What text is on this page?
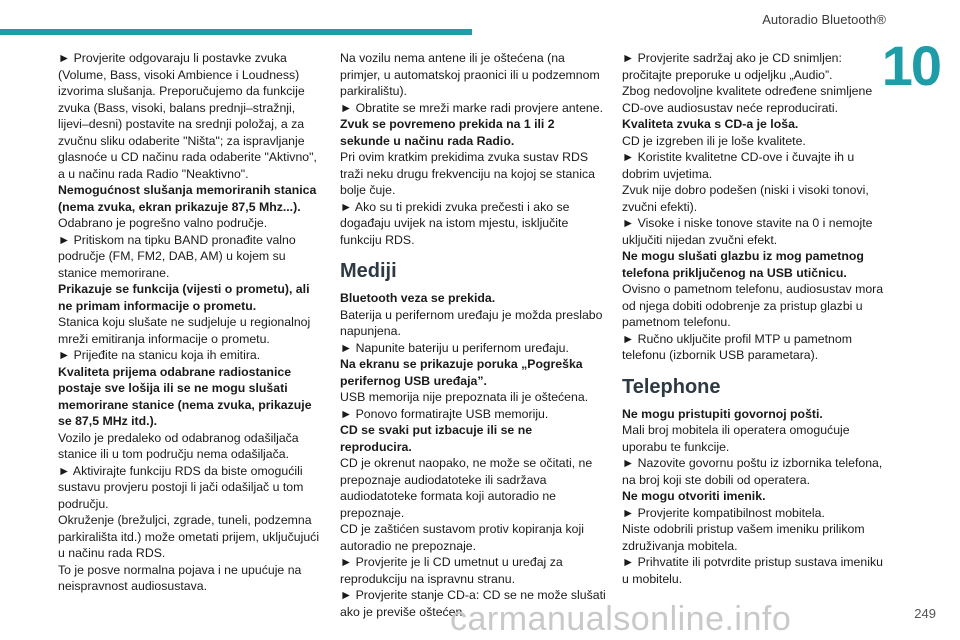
Autoradio Bluetooth®
10

► Provjerite odgovaraju li postavke zvuka (Volume, Bass, visoki Ambience i Loudness) izvorima slušanja. Preporučujemo da funkcije zvuka (Bass, visoki, balans prednji–stražnji, lijevi–desni) postavite na srednji položaj, a za zvučnu sliku odaberite "Ništa"; za ispravljanje glasnoće u CD načinu rada odaberite "Aktivno", a u načinu rada Radio "Neaktivno".

Nemogućnost slušanja memoriranih stanica (nema zvuka, ekran prikazuje 87,5 Mhz...).

Odabrano je pogrešno valno područje.

► Pritiskom na tipku BAND pronađite valno područje (FM, FM2, DAB, AM) u kojem su stanice memorirane.

Prikazuje se funkcija (vijesti o prometu), ali ne primam informacije o prometu.

Stanica koju slušate ne sudjeluje u regionalnoj mreži emitiranja informacije o prometu.

► Prijeđite na stanicu koja ih emitira.

Kvaliteta prijema odabrane radiostanice postaje sve lošija ili se ne mogu slušati memorirane stanice (nema zvuka, prikazuje se 87,5 MHz itd.).

Vozilo je predaleko od odabranog odašiljača stanice ili u tom području nema odašiljača.

► Aktivirajte funkciju RDS da biste omogućili sustavu provjeru postoji li jači odašiljač u tom području.

Okruženje (brežuljci, zgrade, tuneli, podzemna parkirališta itd.) može ometati prijem, uključujući u načinu rada RDS.

To je posve normalna pojava i ne upućuje na neispravnost audiosustava.

Na vozilu nema antene ili je oštećena (na primjer, u automatskoj praonici ili u podzemnom parkiralištu).

► Obratite se mreži marke radi provjere antene.

Zvuk se povremeno prekida na 1 ili 2 sekunde u načinu rada Radio.

Pri ovim kratkim prekidima zvuka sustav RDS traži neku drugu frekvenciju na kojoj se stanica bolje čuje.

► Ako su ti prekidi zvuka prečesti i ako se događaju uvijek na istom mjestu, isključite funkciju RDS.

Mediji

Bluetooth veza se prekida.

Baterija u perifernom uređaju je možda preslabo napunjena.

► Napunite bateriju u perifernom uređaju.

Na ekranu se prikazuje poruka „Pogreška perifernog USB uređaja”.

USB memorija nije prepoznata ili je oštećena.

► Ponovo formatirajte USB memoriju.

CD se svaki put izbacuje ili se ne reproducira.

CD je okrenut naopako, ne može se očitati, ne prepoznaje audiodatoteke ili sadržava audiodatoteke formata koji autoradio ne prepoznaje.

CD je zaštićen sustavom protiv kopiranja koji autoradio ne prepoznaje.

► Provjerite je li CD umetnut u uređaj za reprodukciju na ispravnu stranu.

► Provjerite stanje CD-a: CD se ne može slušati ako je previše oštećen.

► Provjerite sadržaj ako je CD snimljen: pročitajte preporuke u odjeljku „Audio”.

Zbog nedovoljne kvalitete određene snimljene CD-ove audiosustav neće reproducirati.

Kvaliteta zvuka s CD-a je loša.

CD je izgreben ili je loše kvalitete.

► Koristite kvalitetne CD-ove i čuvajte ih u dobrim uvjetima.

Zvuk nije dobro podešen (niski i visoki tonovi, zvučni efekti).

► Visoke i niske tonove stavite na 0 i nemojte uključiti nijedan zvučni efekt.

Ne mogu slušati glazbu iz mog pametnog telefona priključenog na USB utičnicu.

Ovisno o pametnom telefonu, audiosustav mora od njega dobiti odobrenje za pristup glazbi u pametnom telefonu.

► Ručno uključite profil MTP u pametnom telefonu (izbornik USB parametara).

Telephone

Ne mogu pristupiti govornoj pošti.

Mali broj mobitela ili operatera omogućuje uporabu te funkcije.

► Nazovite govornu poštu iz izbornika telefona, na broj koji ste dobili od operatera.

Ne mogu otvoriti imenik.

► Provjerite kompatibilnost mobitela.

Niste odobrili pristup vašem imeniku prilikom združivanja mobitela.

► Prihvatite ili potvrdite pristup sustava imeniku u mobitelu.

carmanualsonline.info	249
